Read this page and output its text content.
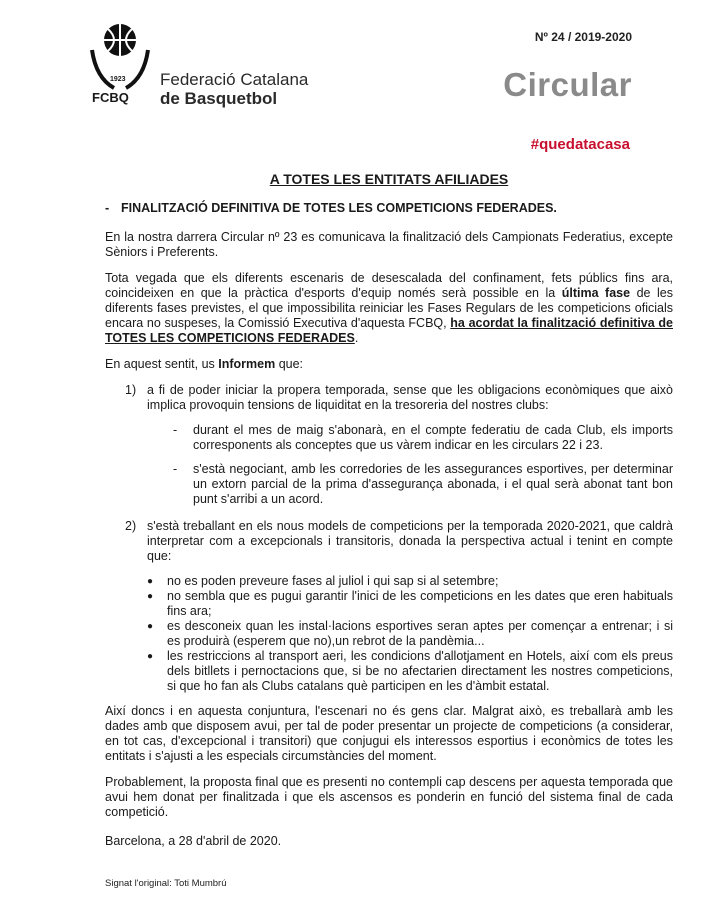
1923
FCBQ
Federació Catalana
de Basquetbol
Nº 24 / 2019-2020
Circular
#quedatacasa
A TOTES LES ENTITATS AFILIADES
- FINALITZACIÓ DEFINITIVA DE TOTES LES COMPETICIONS FEDERADES.

En la nostra darrera Circular nº 23 es comunicava la finalització dels Campionats Federatius, excepte Sèniors i Preferents.

Tota vegada que els diferents escenaris de desescalada del confinament, fets públics fins ara, coincideixen en que la pràctica d'esports d'equip només serà possible en la última fase de les diferents fases previstes, el que impossibilita reiniciar les Fases Regulars de les competicions oficials encara no suspeses, la Comissió Executiva d'aquesta FCBQ, ha acordat la finalització definitiva de TOTES LES COMPETICIONS FEDERADES.

En aquest sentit, us Informem que:

1) a fi de poder iniciar la propera temporada, sense que les obligacions econòmiques que això implica provoquin tensions de liquiditat en la tresoreria del nostres clubs:
-	durant el mes de maig s'abonarà, en el compte federatiu de cada Club, els imports corresponents als conceptes que us vàrem indicar en les circulars 22 i 23.
-	s'està negociant, amb les corredories de les assegurances esportives, per determinar un extorn parcial de la prima d'assegurança abonada, i el qual serà abonat tant bon punt s'arribi a un acord.
2) s'està treballant en els nous models de competicions per la temporada 2020-2021, que caldrà interpretar com a excepcionals i transitoris, donada la perspectiva actual i tenint en compte que:
●	no es poden preveure fases al juliol i qui sap si al setembre;
●	no sembla que es pugui garantir l'inici de les competicions en les dates que eren habituals fins ara;
●	es desconeix quan les instal·lacions esportives seran aptes per començar a entrenar; i si es produirà (esperem que no),un rebrot de la pandèmia...
●	les restriccions al transport aeri, les condicions d'allotjament en Hotels, així com els preus dels bitllets i pernoctacions que, si be no afectarien directament les nostres competicions, si que ho fan als Clubs catalans què participen en les d'àmbit estatal.

Així doncs i en aquesta conjuntura, l'escenari no és gens clar. Malgrat això, es treballarà amb les dades amb que disposem avui, per tal de poder presentar un projecte de competicions (a considerar, en tot cas, d'excepcional i transitori) que conjugui els interessos esportius i econòmics de totes les entitats i s'ajusti a les especials circumstàncies del moment.

Probablement, la proposta final que es presenti no contempli cap descens per aquesta temporada que avui hem donat per finalitzada i que els ascensos es ponderin en funció del sistema final de cada competició.

Barcelona, a 28 d'abril de 2020.

Signat l'original: Toti Mumbrú
